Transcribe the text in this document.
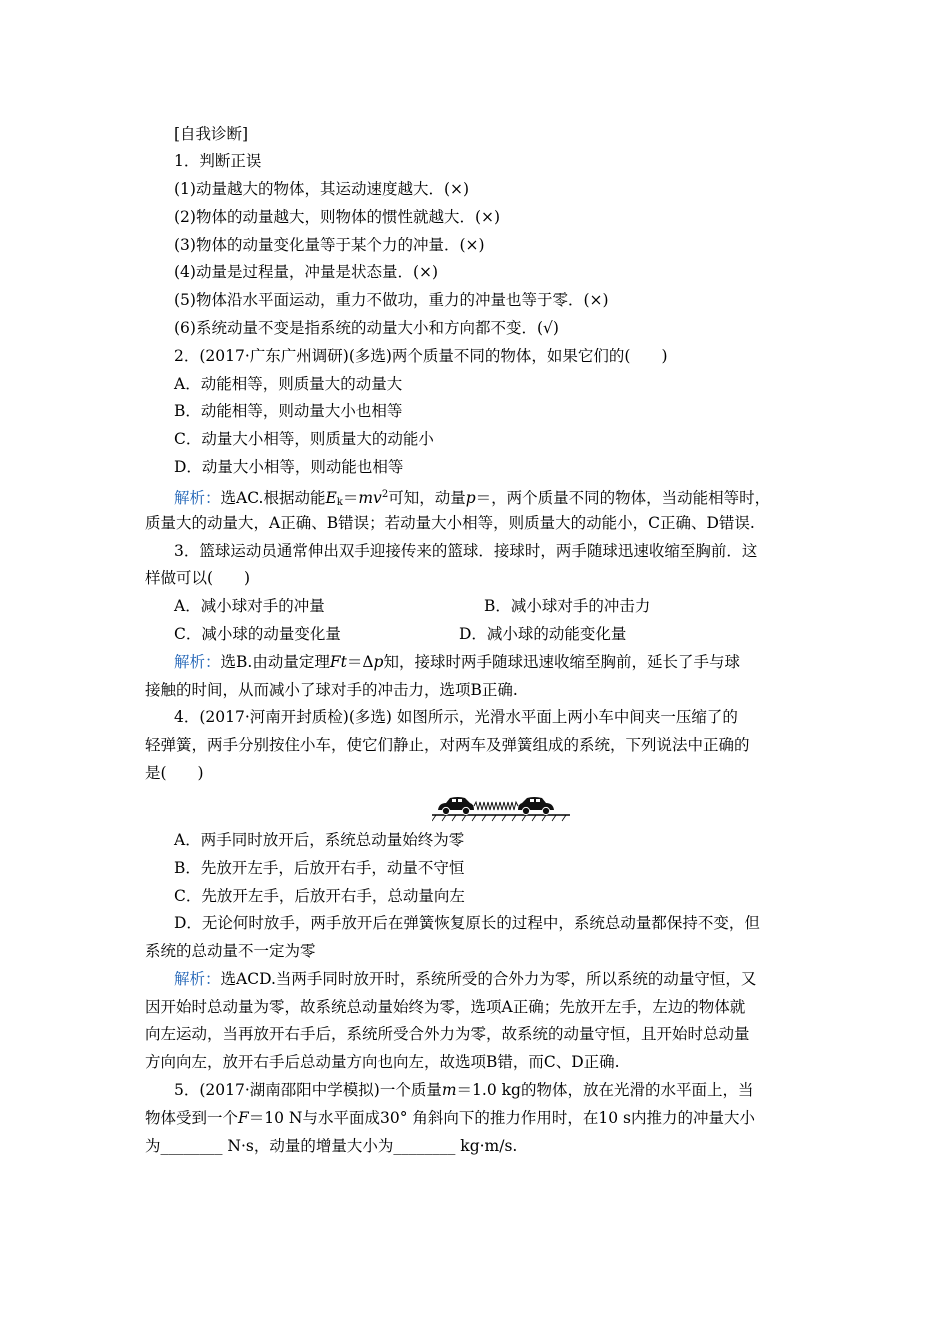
[自我诊断]
1．判断正误
(1)动量越大的物体，其运动速度越大．(×)
(2)物体的动量越大，则物体的惯性就越大．(×)
(3)物体的动量变化量等于某个力的冲量．(×)
(4)动量是过程量，冲量是状态量．(×)
(5)物体沿水平面运动，重力不做功，重力的冲量也等于零．(×)
(6)系统动量不变是指系统的动量大小和方向都不变．(√)
2．(2017·广东广州调研)(多选)两个质量不同的物体，如果它们的(　　)
A．动能相等，则质量大的动量大
B．动能相等，则动量大小也相等
C．动量大小相等，则质量大的动能小
D．动量大小相等，则动能也相等
解析：选AC.根据动能$E_k=mv^2$可知，动量p＝，两个质量不同的物体，当动能相等时，
质量大的动量大，A正确、B错误；若动量大小相等，则质量大的动能小，C正确、D错误.
3．篮球运动员通常伸出双手迎接传来的篮球．接球时，两手随球迅速收缩至胸前．这
样做可以(　　)
A．减小球对手的冲量	B．减小球对手的冲击力
C．减小球的动量变化量	D．减小球的动能变化量
解析：选B.由动量定理Ft＝Δp知，接球时两手随球迅速收缩至胸前，延长了手与球
接触的时间，从而减小了球对手的冲击力，选项B正确.
4．(2017·河南开封质检)(多选) 如图所示，光滑水平面上两小车中间夹一压缩了的
轻弹簧，两手分别按住小车，使它们静止，对两车及弹簧组成的系统，下列说法中正确的
是(　　)
A．两手同时放开后，系统总动量始终为零
B．先放开左手，后放开右手，动量不守恒
C．先放开左手，后放开右手，总动量向左
D．无论何时放手，两手放开后在弹簧恢复原长的过程中，系统总动量都保持不变，但
系统的总动量不一定为零
解析：选ACD.当两手同时放开时，系统所受的合外力为零，所以系统的动量守恒，又
因开始时总动量为零，故系统总动量始终为零，选项A正确；先放开左手，左边的物体就
向左运动，当再放开右手后，系统所受合外力为零，故系统的动量守恒，且开始时总动量
方向向左，放开右手后总动量方向也向左，故选项B错，而C、D正确.
5．(2017·湖南邵阳中学模拟)一个质量m＝1.0 kg的物体，放在光滑的水平面上，当
物体受到一个F＝10 N与水平面成30° 角斜向下的推力作用时，在10 s内推力的冲量大小
为________ N·s，动量的增量大小为________ kg·m/s.
